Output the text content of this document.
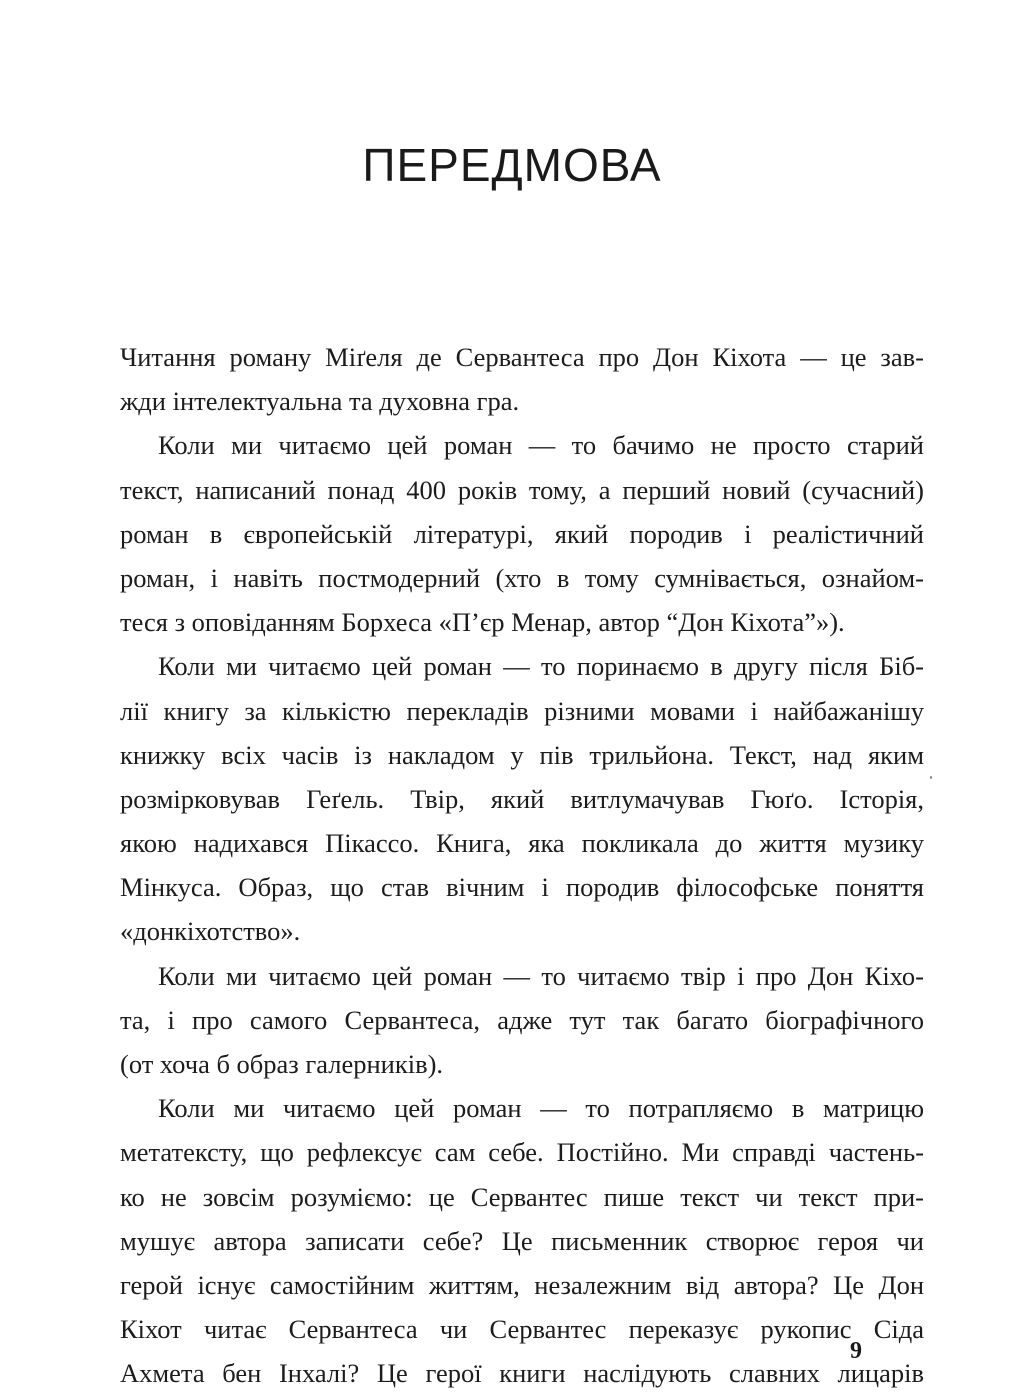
ПЕРЕДМОВА
Читання роману Міґеля де Сервантеса про Дон Кіхота — це зав-
жди інтелектуальна та духовна гра.
Коли ми читаємо цей роман — то бачимо не просто старий
текст, написаний понад 400 років тому, а перший новий (сучасний)
роман в європейській літературі, який породив і реалістичний
роман, і навіть постмодерний (хто в тому сумнівається, ознайом-
теся з оповіданням Борхеса «П’єр Менар, автор “Дон Кіхота”»).
Коли ми читаємо цей роман — то поринаємо в другу після Біб-
лії книгу за кількістю перекладів різними мовами і найбажанішу
книжку всіх часів із накладом у пів трильйона. Текст, над яким
розмірковував Геґель. Твір, який витлумачував Гюґо. Історія,
якою надихався Пікассо. Книга, яка покликала до життя музику
Мінкуса. Образ, що став вічним і породив філософське поняття
«донкіхотство».
Коли ми читаємо цей роман — то читаємо твір і про Дон Кіхо-
та, і про самого Сервантеса, адже тут так багато біографічного
(от хоча б образ галерників).
Коли ми читаємо цей роман — то потрапляємо в матрицю
метатексту, що рефлексує сам себе. Постійно. Ми справді частень-
ко не зовсім розуміємо: це Сервантес пише текст чи текст при-
мушує автора записати себе? Це письменник створює героя чи
герой існує самостійним життям, незалежним від автора? Це Дон
Кіхот читає Сервантеса чи Сервантес переказує рукопис Сіда
Ахмета бен Інхалі? Це герої книги наслідують славних лицарів
9
